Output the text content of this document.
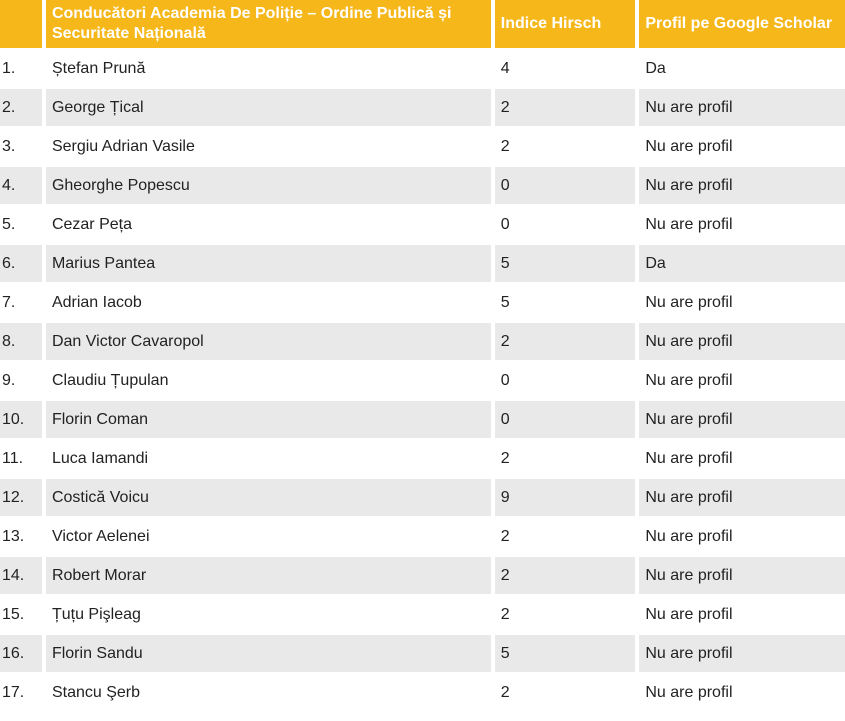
	Conducători Academia De Poliție – Ordine Publică și Securitate Națională	Indice Hirsch	Profil pe Google Scholar
1.	Ștefan Prună	4	Da
2.	George Țical	2	Nu are profil
3.	Sergiu Adrian Vasile	2	Nu are profil
4.	Gheorghe Popescu	0	Nu are profil
5.	Cezar Peța	0	Nu are profil
6.	Marius Pantea	5	Da
7.	Adrian Iacob	5	Nu are profil
8.	Dan Victor Cavaropol	2	Nu are profil
9.	Claudiu Țupulan	0	Nu are profil
10.	Florin Coman	0	Nu are profil
11.	Luca Iamandi	2	Nu are profil
12.	Costică Voicu	9	Nu are profil
13.	Victor Aelenei	2	Nu are profil
14.	Robert Morar	2	Nu are profil
15.	Țuțu Pişleag	2	Nu are profil
16.	Florin Sandu	5	Nu are profil
17.	Stancu Şerb	2	Nu are profil
